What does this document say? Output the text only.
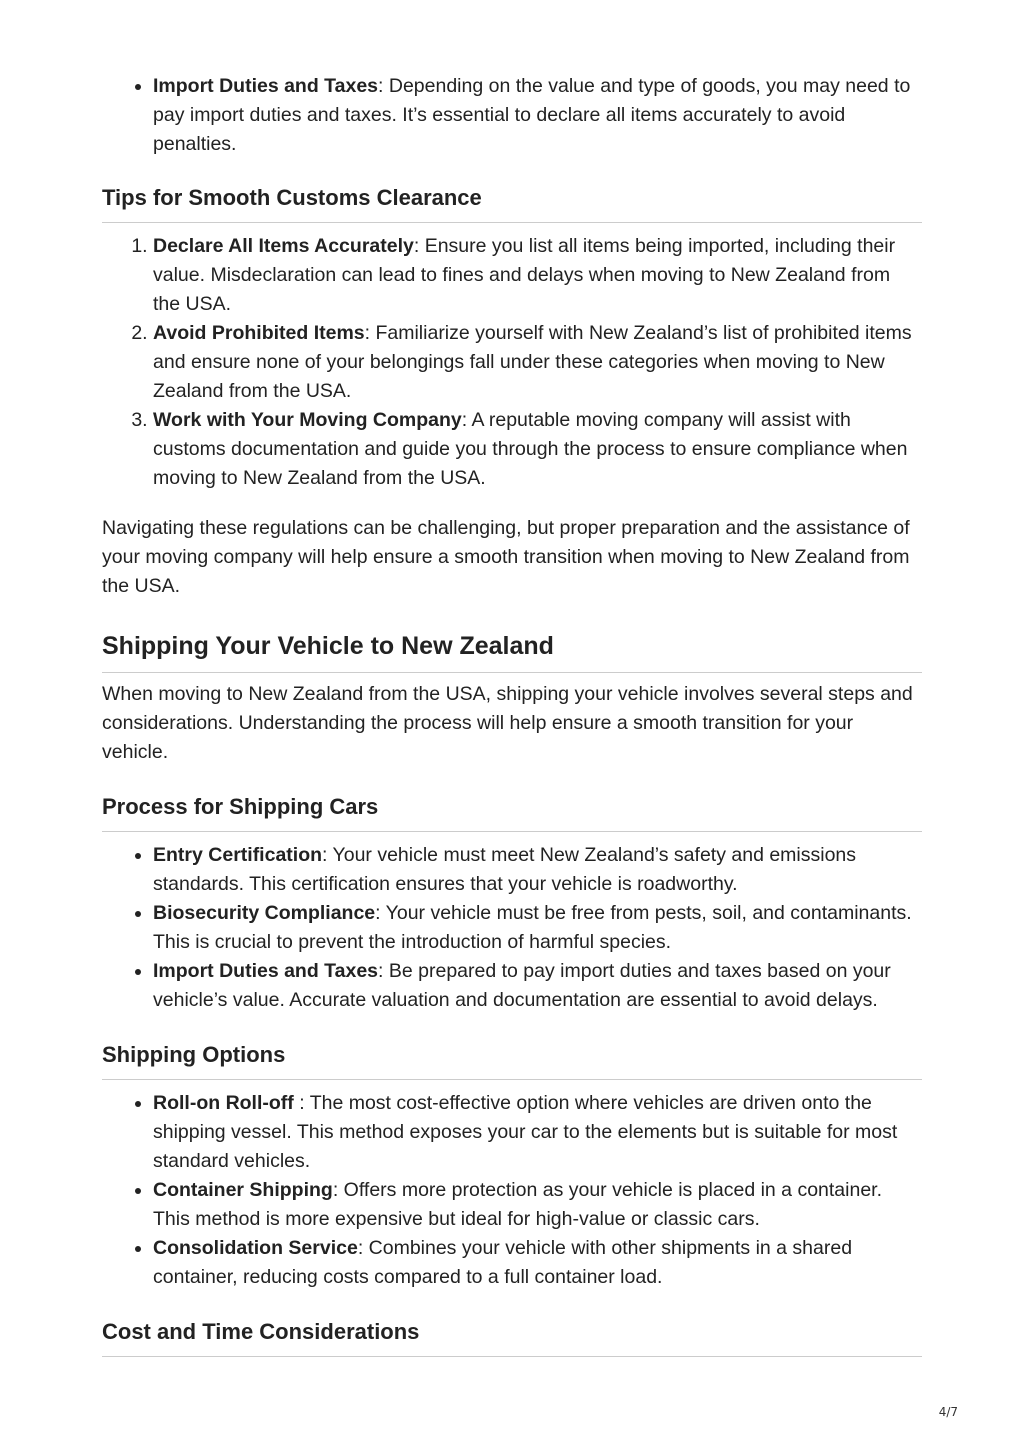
• Import Duties and Taxes: Depending on the value and type of goods, you may need to pay import duties and taxes. It’s essential to declare all items accurately to avoid penalties.
Tips for Smooth Customs Clearance
1. Declare All Items Accurately: Ensure you list all items being imported, including their value. Misdeclaration can lead to fines and delays when moving to New Zealand from the USA.
2. Avoid Prohibited Items: Familiarize yourself with New Zealand’s list of prohibited items and ensure none of your belongings fall under these categories when moving to New Zealand from the USA.
3. Work with Your Moving Company: A reputable moving company will assist with customs documentation and guide you through the process to ensure compliance when moving to New Zealand from the USA.

Navigating these regulations can be challenging, but proper preparation and the assistance of your moving company will help ensure a smooth transition when moving to New Zealand from the USA.

Shipping Your Vehicle to New Zealand

When moving to New Zealand from the USA, shipping your vehicle involves several steps and considerations. Understanding the process will help ensure a smooth transition for your vehicle.

Process for Shipping Cars
• Entry Certification: Your vehicle must meet New Zealand’s safety and emissions standards. This certification ensures that your vehicle is roadworthy.
• Biosecurity Compliance: Your vehicle must be free from pests, soil, and contaminants. This is crucial to prevent the introduction of harmful species.
• Import Duties and Taxes: Be prepared to pay import duties and taxes based on your vehicle’s value. Accurate valuation and documentation are essential to avoid delays.
Shipping Options
• Roll-on Roll-off : The most cost-effective option where vehicles are driven onto the shipping vessel. This method exposes your car to the elements but is suitable for most standard vehicles.
• Container Shipping: Offers more protection as your vehicle is placed in a container. This method is more expensive but ideal for high-value or classic cars.
• Consolidation Service: Combines your vehicle with other shipments in a shared container, reducing costs compared to a full container load.
Cost and Time Considerations
4/7
